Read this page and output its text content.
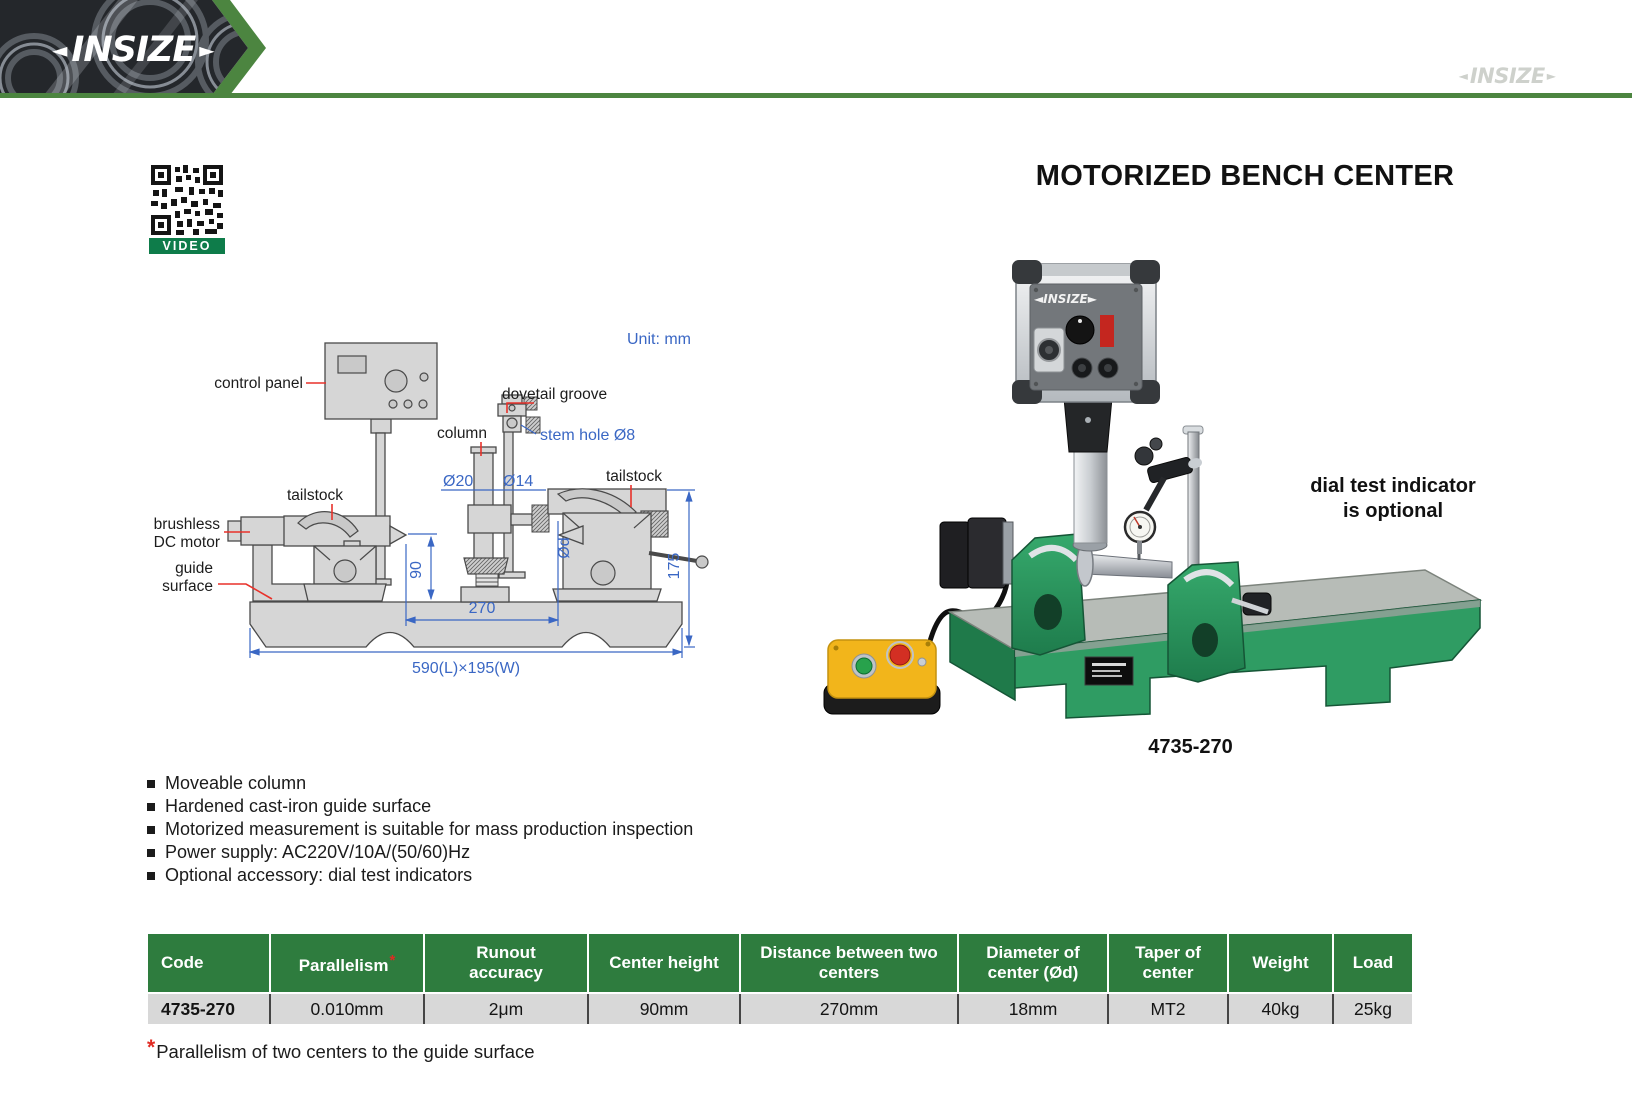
◄ INSIZE ►
◄ INSIZE ►
VIDEO
MOTORIZED BENCH CENTER
control panel
brushless
DC motor
guide
surface
tailstock
tailstock
dovetail groove
column	stem hole Ø8
Ø20 Ø14
90
270
Ød
175
590(L)×195(W)
Unit: mm
◄INSIZE►
dial test indicator
is optional
4735-270
Moveable column
Hardened cast-iron guide surface
Motorized measurement is suitable for mass production inspection
Power supply: AC220V/10A/(50/60)Hz
Optional accessory: dial test indicators
Code	Parallelism*	Runout accuracy	Center height	Distance between two centers	Diameter of center (Ød)	Taper of center	Weight	Load
4735-270	0.010mm	2μm	90mm	270mm	18mm	MT2	40kg	25kg
*Parallelism of two centers to the guide surface
